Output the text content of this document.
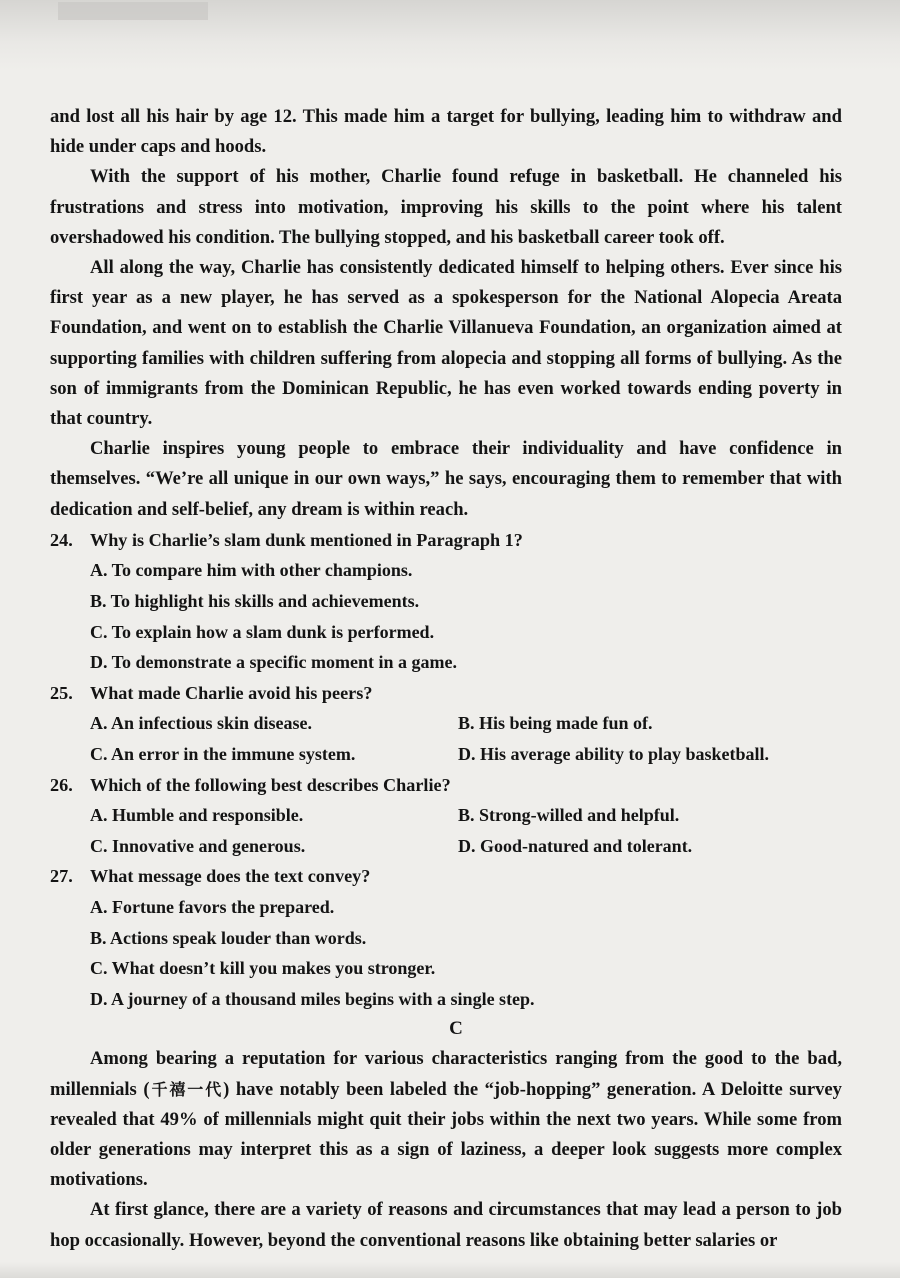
and lost all his hair by age 12. This made him a target for bullying, leading him to withdraw and hide under caps and hoods.

With the support of his mother, Charlie found refuge in basketball. He channeled his frustrations and stress into motivation, improving his skills to the point where his talent overshadowed his condition. The bullying stopped, and his basketball career took off.

All along the way, Charlie has consistently dedicated himself to helping others. Ever since his first year as a new player, he has served as a spokesperson for the National Alopecia Areata Foundation, and went on to establish the Charlie Villanueva Foundation, an organization aimed at supporting families with children suffering from alopecia and stopping all forms of bullying. As the son of immigrants from the Dominican Republic, he has even worked towards ending poverty in that country.

Charlie inspires young people to embrace their individuality and have confidence in themselves. “We’re all unique in our own ways,” he says, encouraging them to remember that with dedication and self-belief, any dream is within reach.

24. Why is Charlie’s slam dunk mentioned in Paragraph 1?
A. To compare him with other champions.
B. To highlight his skills and achievements.
C. To explain how a slam dunk is performed.
D. To demonstrate a specific moment in a game.
25. What made Charlie avoid his peers?
A. An infectious skin disease.	B. His being made fun of.
C. An error in the immune system.	D. His average ability to play basketball.
26. Which of the following best describes Charlie?
A. Humble and responsible.	B. Strong-willed and helpful.
C. Innovative and generous.	D. Good-natured and tolerant.
27. What message does the text convey?
A. Fortune favors the prepared.
B. Actions speak louder than words.
C. What doesn’t kill you makes you stronger.
D. A journey of a thousand miles begins with a single step.
C

Among bearing a reputation for various characteristics ranging from the good to the bad, millennials (千禧一代) have notably been labeled the “job-hopping” generation. A Deloitte survey revealed that 49% of millennials might quit their jobs within the next two years. While some from older generations may interpret this as a sign of laziness, a deeper look suggests more complex motivations.

At first glance, there are a variety of reasons and circumstances that may lead a person to job hop occasionally. However, beyond the conventional reasons like obtaining better salaries or
